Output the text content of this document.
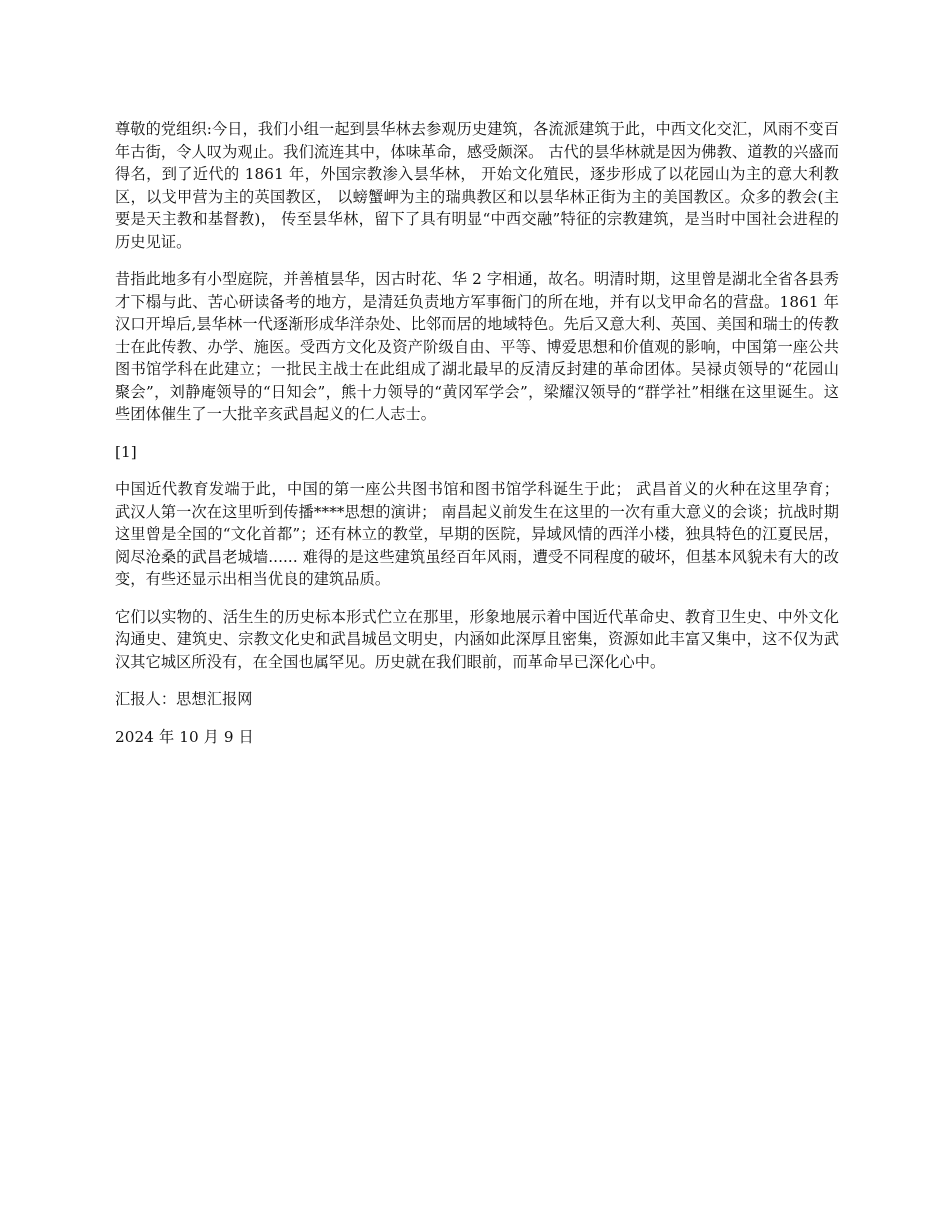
尊敬的党组织:今日，我们小组一起到昙华林去参观历史建筑，各流派建筑于此，中西文化交汇，风雨不变百年古街，令人叹为观止。我们流连其中，体味革命，感受颇深。 古代的昙华林就是因为佛教、道教的兴盛而得名，到了近代的 1861 年，外国宗教渗入昙华林， 开始文化殖民，逐步形成了以花园山为主的意大利教区，以戈甲营为主的英国教区， 以螃蟹岬为主的瑞典教区和以昙华林正街为主的美国教区。众多的教会(主要是天主教和基督教)， 传至昙华林，留下了具有明显“中西交融”特征的宗教建筑，是当时中国社会进程的历史见证。

昔指此地多有小型庭院，并善植昙华，因古时花、华 2 字相通，故名。明清时期，这里曾是湖北全省各县秀才下榻与此、苦心研读备考的地方，是清廷负责地方军事衙门的所在地，并有以戈甲命名的营盘。1861 年汉口开埠后,昙华林一代逐渐形成华洋杂处、比邻而居的地域特色。先后又意大利、英国、美国和瑞士的传教士在此传教、办学、施医。受西方文化及资产阶级自由、平等、博爱思想和价值观的影响，中国第一座公共图书馆学科在此建立；一批民主战士在此组成了湖北最早的反清反封建的革命团体。吴禄贞领导的“花园山聚会”，刘静庵领导的“日知会”，熊十力领导的“黄冈军学会”，梁耀汉领导的“群学社”相继在这里诞生。这些团体催生了一大批辛亥武昌起义的仁人志士。

[1]

中国近代教育发端于此，中国的第一座公共图书馆和图书馆学科诞生于此； 武昌首义的火种在这里孕育； 武汉人第一次在这里听到传播****思想的演讲； 南昌起义前发生在这里的一次有重大意义的会谈；抗战时期这里曾是全国的“文化首都”；还有林立的教堂，早期的医院，异域风情的西洋小楼，独具特色的江夏民居，阅尽沧桑的武昌老城墙...... 难得的是这些建筑虽经百年风雨，遭受不同程度的破坏，但基本风貌未有大的改变，有些还显示出相当优良的建筑品质。

它们以实物的、活生生的历史标本形式伫立在那里，形象地展示着中国近代革命史、教育卫生史、中外文化沟通史、建筑史、宗教文化史和武昌城邑文明史，内涵如此深厚且密集，资源如此丰富又集中，这不仅为武汉其它城区所没有，在全国也属罕见。历史就在我们眼前，而革命早已深化心中。

汇报人：思想汇报网

2024 年 10 月 9 日
